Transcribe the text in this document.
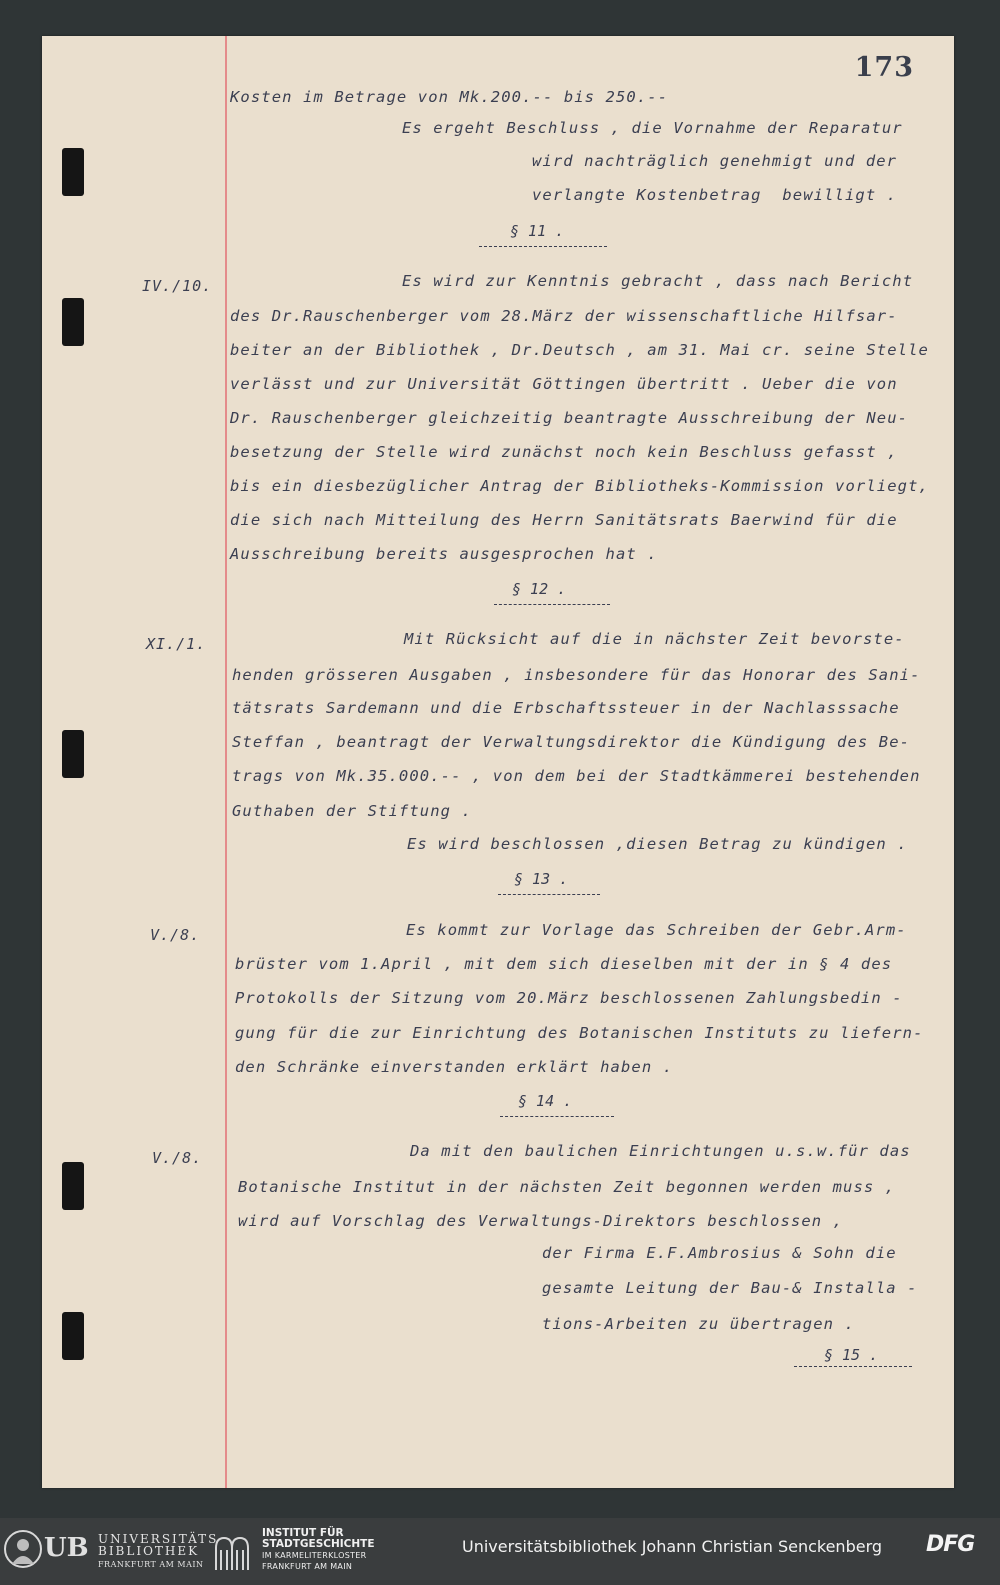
173
Kosten im Betrage von Mk.200.-- bis 250.--
Es ergeht Beschluss , die Vornahme der Reparatur
wird nachträglich genehmigt und der
verlangte Kostenbetrag  bewilligt .
§ 11 .
IV./10.	Es wird zur Kenntnis gebracht , dass nach Bericht
des Dr.Rauschenberger vom 28.März der wissenschaftliche Hilfsar-
beiter an der Bibliothek , Dr.Deutsch , am 31. Mai cr. seine Stelle
verlässt und zur Universität Göttingen übertritt . Ueber die von
Dr. Rauschenberger gleichzeitig beantragte Ausschreibung der Neu-
besetzung der Stelle wird zunächst noch kein Beschluss gefasst ,
bis ein diesbezüglicher Antrag der Bibliotheks-Kommission vorliegt,
die sich nach Mitteilung des Herrn Sanitätsrats Baerwind für die
Ausschreibung bereits ausgesprochen hat .
§ 12 .
XI./1.	Mit Rücksicht auf die in nächster Zeit bevorste-
henden grösseren Ausgaben , insbesondere für das Honorar des Sani-
tätsrats Sardemann und die Erbschaftssteuer in der Nachlasssache
Steffan , beantragt der Verwaltungsdirektor die Kündigung des Be-
trags von Mk.35.000.-- , von dem bei der Stadtkämmerei bestehenden
Guthaben der Stiftung .
Es wird beschlossen ,diesen Betrag zu kündigen .
§ 13 .
V./8.	Es kommt zur Vorlage das Schreiben der Gebr.Arm-
brüster vom 1.April , mit dem sich dieselben mit der in § 4 des
Protokolls der Sitzung vom 20.März beschlossenen Zahlungsbedin -
gung für die zur Einrichtung des Botanischen Instituts zu liefern-
den Schränke einverstanden erklärt haben .
§ 14 .
V./8.	Da mit den baulichen Einrichtungen u.s.w.für das
Botanische Institut in der nächsten Zeit begonnen werden muss ,
wird auf Vorschlag des Verwaltungs-Direktors beschlossen ,
der Firma E.F.Ambrosius & Sohn die
gesamte Leitung der Bau-& Installa -
tions-Arbeiten zu übertragen .
§ 15 .
UB UNIVERSITÄTS
BIBLIOTHEK
FRANKFURT AM MAIN
INSTITUT FÜR
STADTGESCHICHTE
IM KARMELITERKLOSTER
FRANKFURT AM MAIN
Universitätsbibliothek Johann Christian Senckenberg DFG
